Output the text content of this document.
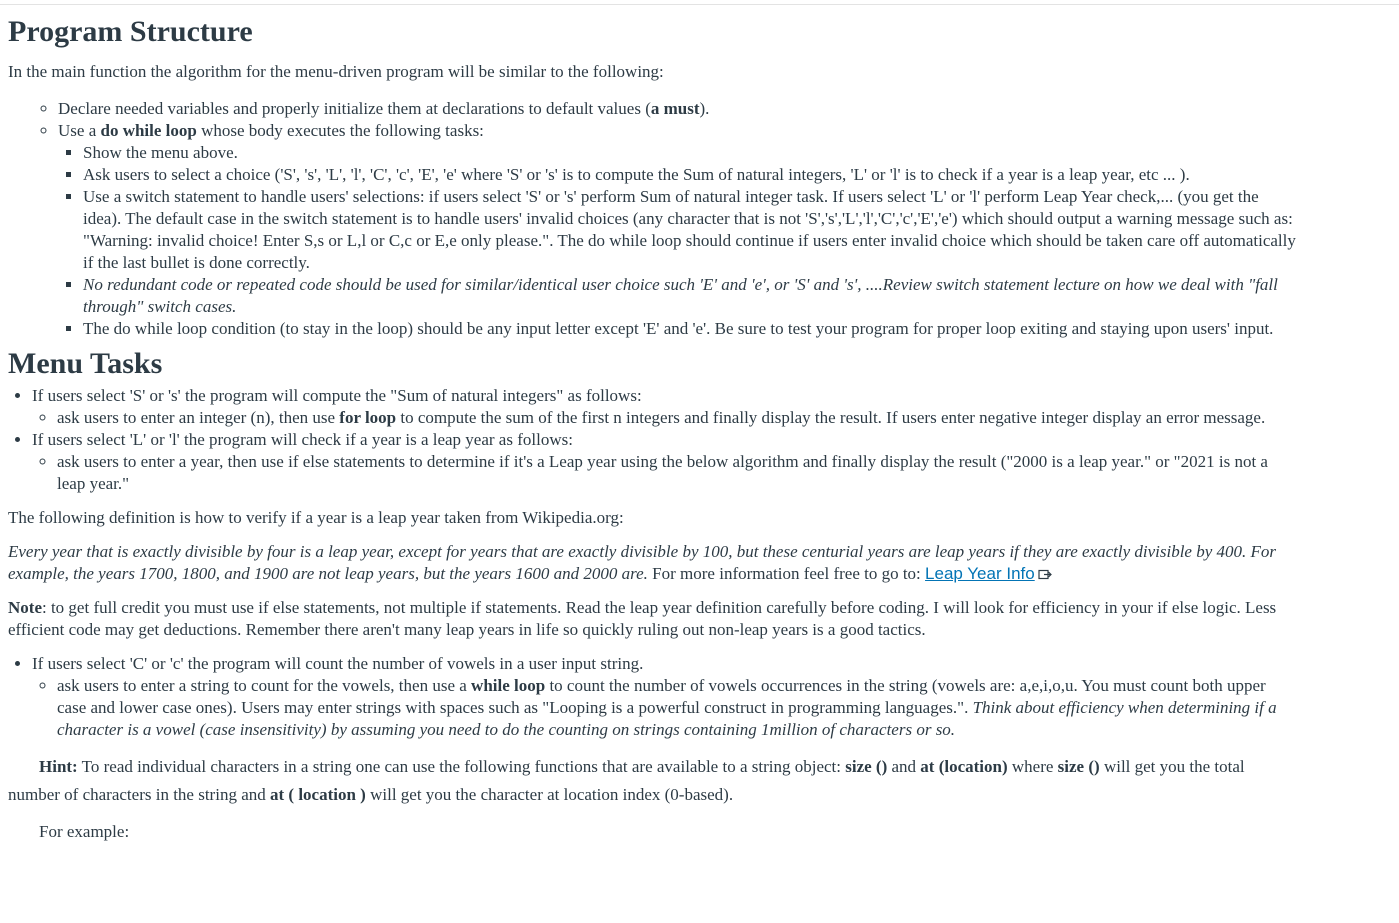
Program Structure

In the main function the algorithm for the menu-driven program will be similar to the following:

◦ Declare needed variables and properly initialize them at declarations to default values (a must).
◦ Use a do while loop whose body executes the following tasks:
▪ Show the menu above.
▪ Ask users to select a choice ('S', 's', 'L', 'l', 'C', 'c', 'E', 'e' where 'S' or 's' is to compute the Sum of natural integers, 'L' or 'l' is to check if a year is a leap year, etc ... ).
▪ Use a switch statement to handle users' selections: if users select 'S' or 's' perform Sum of natural integer task. If users select 'L' or 'l' perform Leap Year check,... (you get the idea). The default case in the switch statement is to handle users' invalid choices (any character that is not 'S','s','L','l','C','c','E','e') which should output a warning message such as: "Warning: invalid choice! Enter S,s or L,l or C,c or E,e only please.". The do while loop should continue if users enter invalid choice which should be taken care off automatically if the last bullet is done correctly.
▪ No redundant code or repeated code should be used for similar/identical user choice such 'E' and 'e', or 'S' and 's', ....Review switch statement lecture on how we deal with "fall through" switch cases.
▪ The do while loop condition (to stay in the loop) should be any input letter except 'E' and 'e'. Be sure to test your program for proper loop exiting and staying upon users' input.
Menu Tasks
• If users select 'S' or 's' the program will compute the "Sum of natural integers" as follows:
◦ ask users to enter an integer (n), then use for loop to compute the sum of the first n integers and finally display the result. If users enter negative integer display an error message.
• If users select 'L' or 'l' the program will check if a year is a leap year as follows:
◦ ask users to enter a year, then use if else statements to determine if it's a Leap year using the below algorithm and finally display the result ("2000 is a leap year." or "2021 is not a leap year."

The following definition is how to verify if a year is a leap year taken from Wikipedia.org:

Every year that is exactly divisible by four is a leap year, except for years that are exactly divisible by 100, but these centurial years are leap years if they are exactly divisible by 400. For example, the years 1700, 1800, and 1900 are not leap years, but the years 1600 and 2000 are. For more information feel free to go to: Leap Year Info

Note: to get full credit you must use if else statements, not multiple if statements. Read the leap year definition carefully before coding. I will look for efficiency in your if else logic. Less efficient code may get deductions. Remember there aren't many leap years in life so quickly ruling out non-leap years is a good tactics.

• If users select 'C' or 'c' the program will count the number of vowels in a user input string.
◦ ask users to enter a string to count for the vowels, then use a while loop to count the number of vowels occurrences in the string (vowels are: a,e,i,o,u. You must count both upper case and lower case ones). Users may enter strings with spaces such as "Looping is a powerful construct in programming languages.". Think about efficiency when determining if a character is a vowel (case insensitivity) by assuming you need to do the counting on strings containing 1million of characters or so.

Hint: To read individual characters in a string one can use the following functions that are available to a string object: size () and at (location) where size () will get you the total number of characters in the string and at ( location ) will get you the character at location index (0-based).

For example:
